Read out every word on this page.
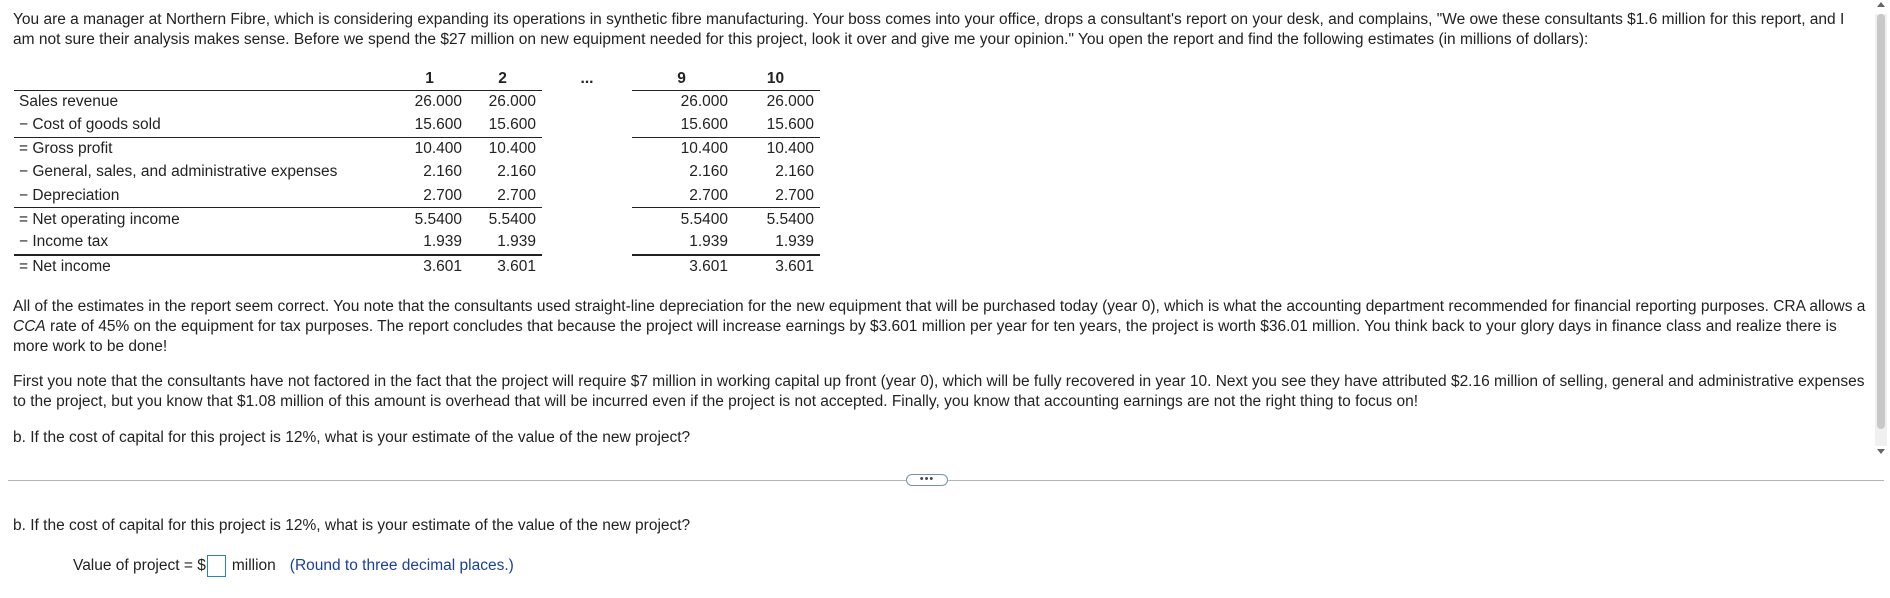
You are a manager at Northern Fibre, which is considering expanding its operations in synthetic fibre manufacturing. Your boss comes into your office, drops a consultant's report on your desk, and complains, "We owe these consultants $1.6 million for this report, and I am not sure their analysis makes sense. Before we spend the $27 million on new equipment needed for this project, look it over and give me your opinion." You open the report and find the following estimates (in millions of dollars):

	1	2	...	9	10
Sales revenue	26.000	26.000		26.000	26.000
− Cost of goods sold	15.600	15.600		15.600	15.600
= Gross profit	10.400	10.400		10.400	10.400
− General, sales, and administrative expenses	2.160	2.160		2.160	2.160
− Depreciation	2.700	2.700		2.700	2.700
= Net operating income	5.5400	5.5400		5.5400	5.5400
− Income tax	1.939	1.939		1.939	1.939
= Net income	3.601	3.601		3.601	3.601

All of the estimates in the report seem correct. You note that the consultants used straight-line depreciation for the new equipment that will be purchased today (year 0), which is what the accounting department recommended for financial reporting purposes. CRA allows a CCA rate of 45% on the equipment for tax purposes. The report concludes that because the project will increase earnings by $3.601 million per year for ten years, the project is worth $36.01 million. You think back to your glory days in finance class and realize there is more work to be done!

First you note that the consultants have not factored in the fact that the project will require $7 million in working capital up front (year 0), which will be fully recovered in year 10. Next you see they have attributed $2.16 million of selling, general and administrative expenses to the project, but you know that $1.08 million of this amount is overhead that will be incurred even if the project is not accepted. Finally, you know that accounting earnings are not the right thing to focus on!

b. If the cost of capital for this project is 12%, what is your estimate of the value of the new project?

•••

b. If the cost of capital for this project is 12%, what is your estimate of the value of the new project?

Value of project = $ million (Round to three decimal places.)
